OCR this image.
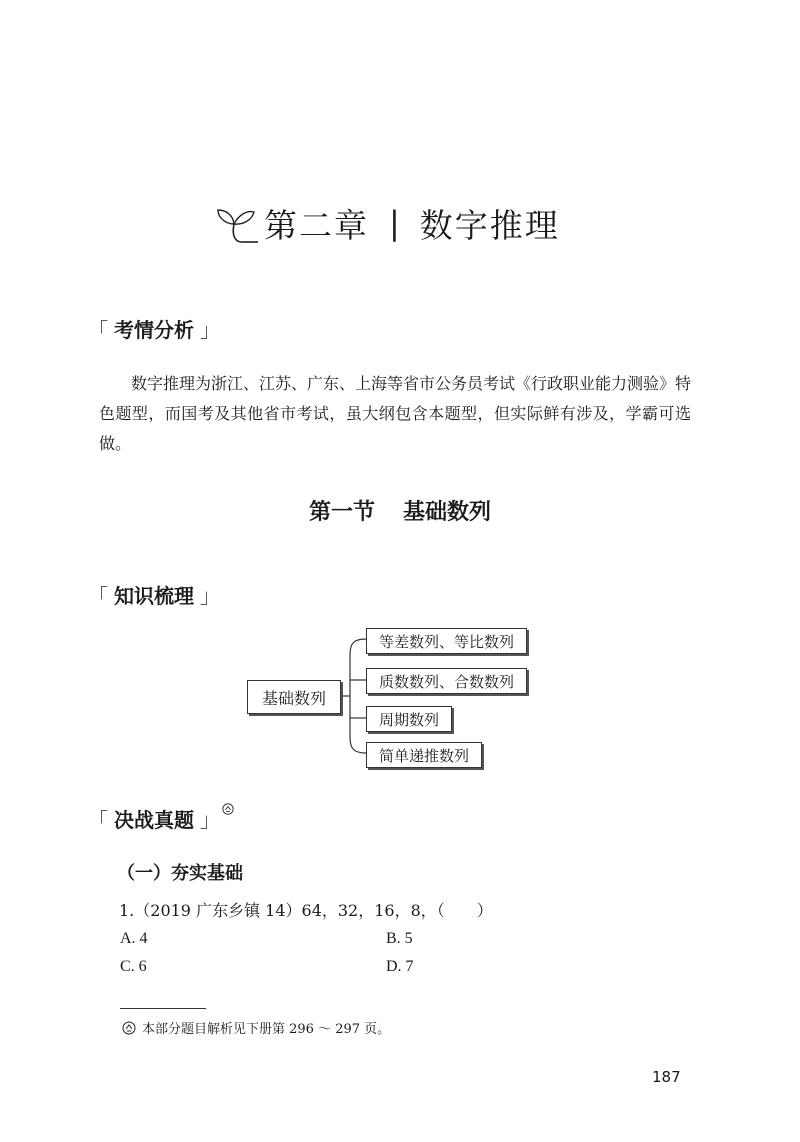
第二章 | 数字推理
「 考情分析 」
数字推理为浙江、江苏、广东、上海等省市公务员考试《行政职业能力测验》特色题型，而国考及其他省市考试，虽大纲包含本题型，但实际鲜有涉及，学霸可选做。
第一节 基础数列
「 知识梳理 」
基础数列
等差数列、等比数列
质数数列、合数数列
周期数列
简单递推数列
「 决战真题 」
（一）夯实基础
1.（2019 广东乡镇 14）64，32，16，8，（　　）
A. 4	B. 5
C. 6	D. 7
本部分题目解析见下册第 296 ～ 297 页。
187
